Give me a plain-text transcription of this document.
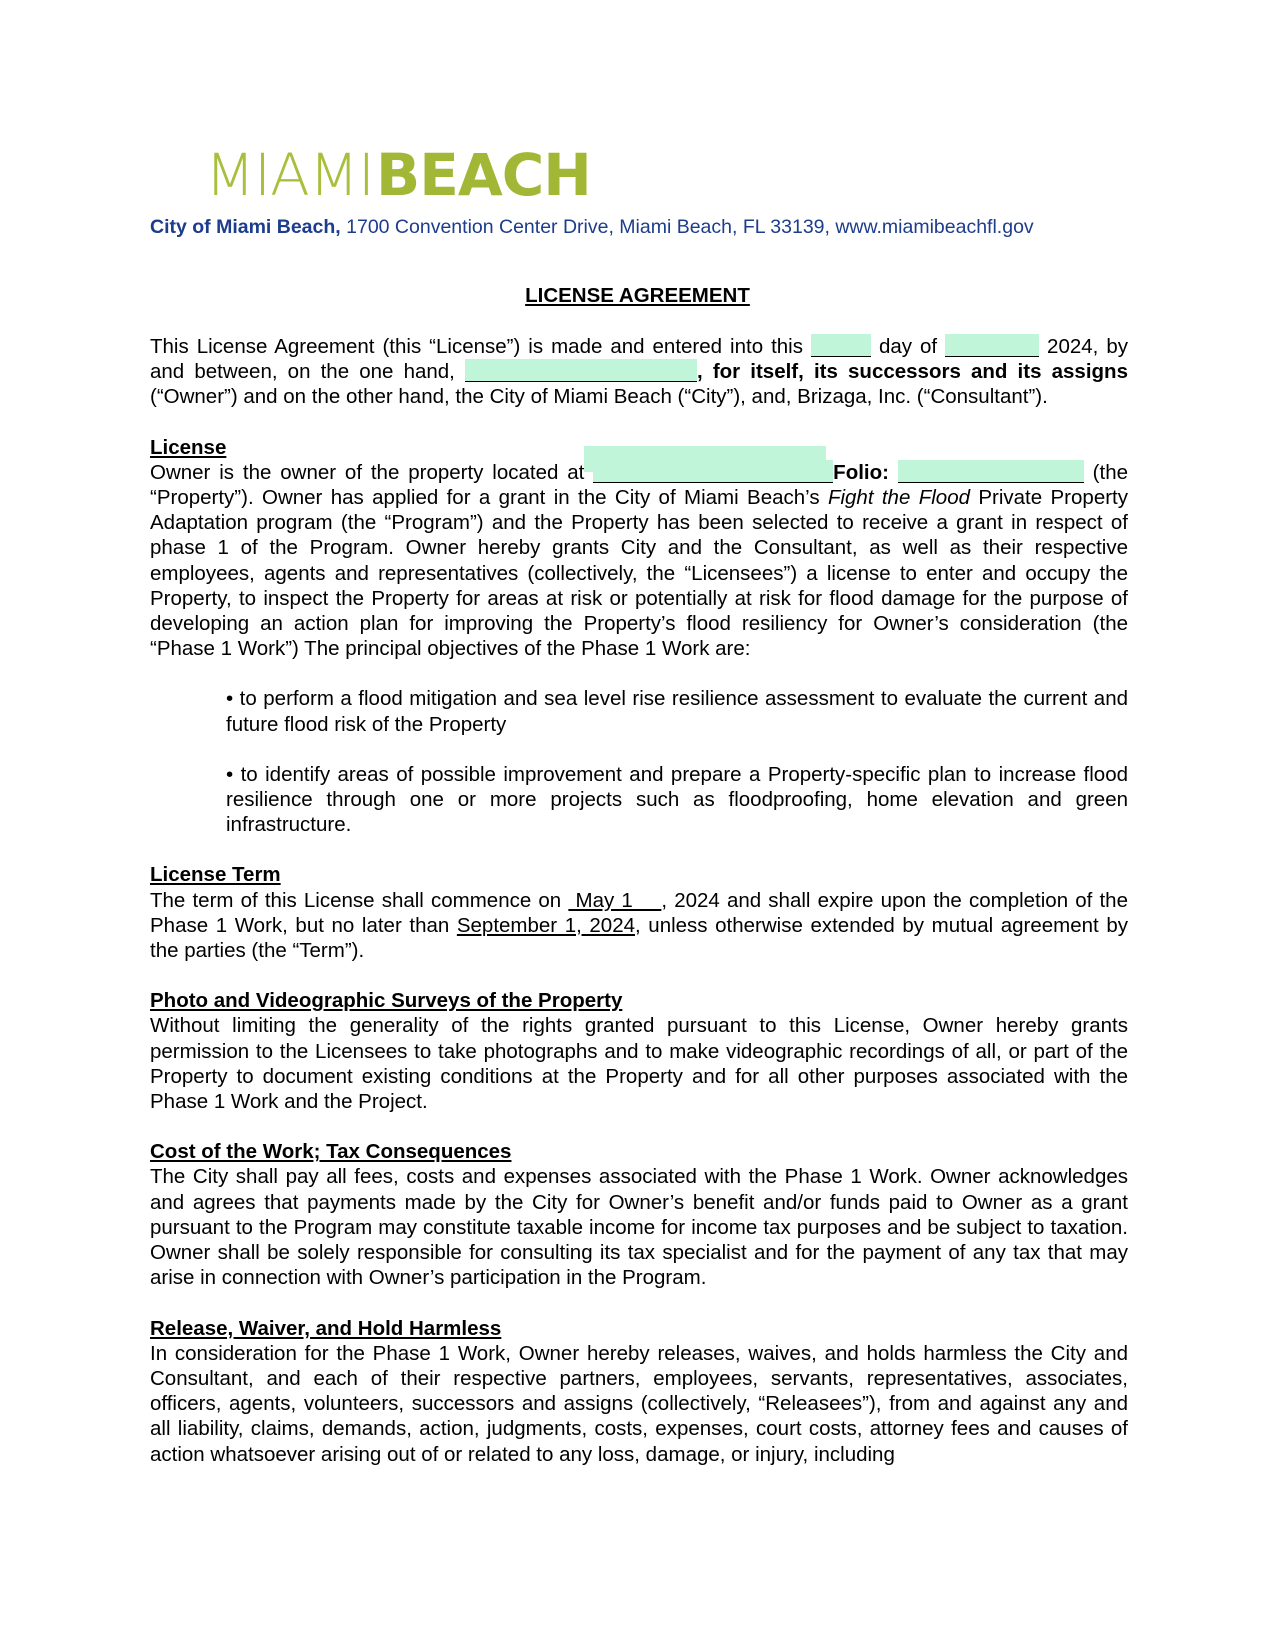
MIAMIBEACH
City of Miami Beach, 1700 Convention Center Drive, Miami Beach, FL 33139, www.miamibeachfl.gov
LICENSE AGREEMENT

This License Agreement (this “License”) is made and entered into this	day of	2024, by and between, on the one hand,	, for itself, its successors and its assigns (“Owner”) and on the other hand, the City of Miami Beach (“City”), and, Brizaga, Inc. (“Consultant”).

License

Owner is the owner of the property located at	Folio:	(the “Property”). Owner has applied for a grant in the City of Miami Beach’s Fight the Flood Private Property Adaptation program (the “Program”) and the Property has been selected to receive a grant in respect of phase 1 of the Program. Owner hereby grants City and the Consultant, as well as their respective employees, agents and representatives (collectively, the “Licensees”) a license to enter and occupy the Property, to inspect the Property for areas at risk or potentially at risk for flood damage for the purpose of developing an action plan for improving the Property’s flood resiliency for Owner’s consideration (the “Phase 1 Work”) The principal objectives of the Phase 1 Work are:

• to perform a flood mitigation and sea level rise resilience assessment to evaluate the current and future flood risk of the Property

• to identify areas of possible improvement and prepare a Property-specific plan to increase flood resilience through one or more projects such as floodproofing, home elevation and green infrastructure.

License Term

The term of this License shall commence on  May 1    , 2024 and shall expire upon the completion of the Phase 1 Work, but no later than September 1, 2024, unless otherwise extended by mutual agreement by the parties (the “Term”).

Photo and Videographic Surveys of the Property

Without limiting the generality of the rights granted pursuant to this License, Owner hereby grants permission to the Licensees to take photographs and to make videographic recordings of all, or part of the Property to document existing conditions at the Property and for all other purposes associated with the Phase 1 Work and the Project.

Cost of the Work; Tax Consequences

The City shall pay all fees, costs and expenses associated with the Phase 1 Work. Owner acknowledges and agrees that payments made by the City for Owner’s benefit and/or funds paid to Owner as a grant pursuant to the Program may constitute taxable income for income tax purposes and be subject to taxation. Owner shall be solely responsible for consulting its tax specialist and for the payment of any tax that may arise in connection with Owner’s participation in the Program.

Release, Waiver, and Hold Harmless

In consideration for the Phase 1 Work, Owner hereby releases, waives, and holds harmless the City and Consultant, and each of their respective partners, employees, servants, representatives, associates, officers, agents, volunteers, successors and assigns (collectively, “Releasees”), from and against any and all liability, claims, demands, action, judgments, costs, expenses, court costs, attorney fees and causes of action whatsoever arising out of or related to any loss, damage, or injury, including
